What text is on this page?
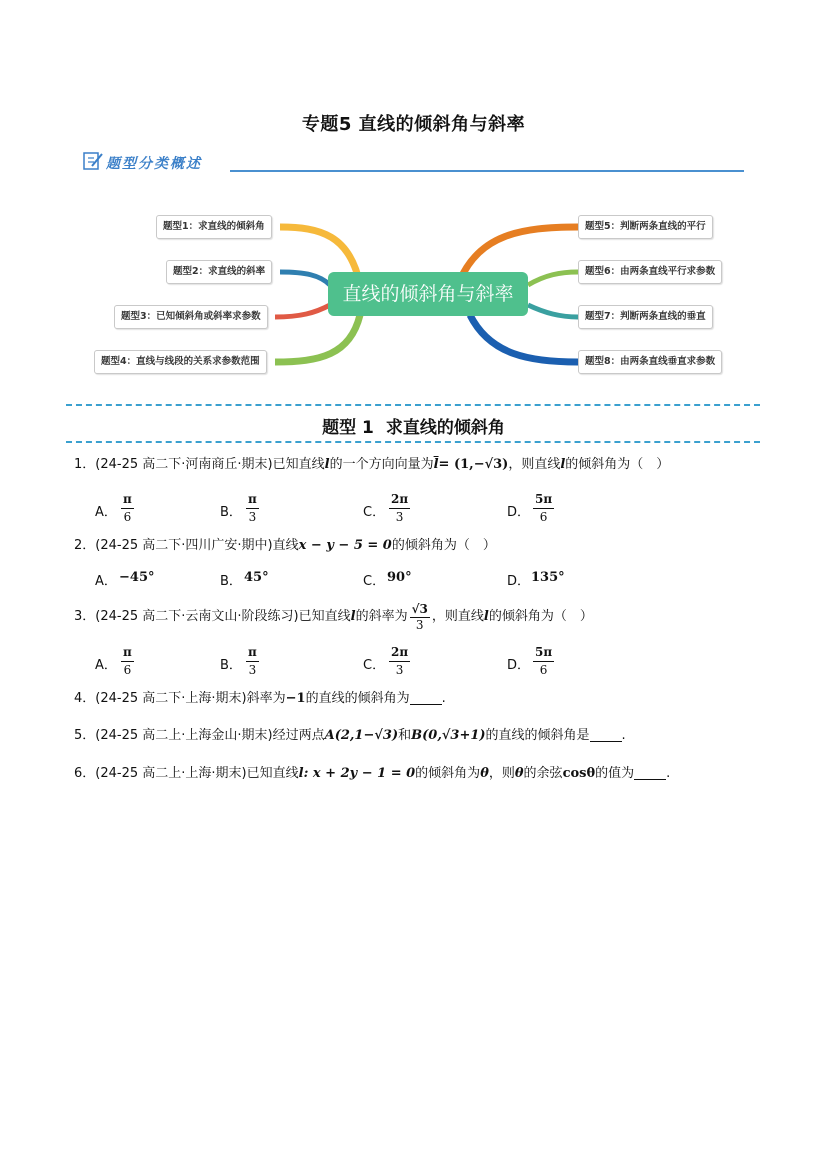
专题5 直线的倾斜角与斜率
题型分类概述
直线的倾斜角与斜率
题型1：求直线的倾斜角
题型2：求直线的斜率
题型3：已知倾斜角或斜率求参数
题型4：直线与线段的关系求参数范围
题型5：判断两条直线的平行
题型6：由两条直线平行求参数
题型7：判断两条直线的垂直
题型8：由两条直线垂直求参数
题型 1 求直线的倾斜角
1．(24-25 高二下·河南商丘·期末)已知直线l的一个方向向量为$\overline{l}= (1,-√3)$，则直线l的倾斜角为（　）
A． $\frac{\pi}{6}$	B． $\frac{\pi}{3}$	C． $\frac{2\pi}{3}$	D． $\frac{5\pi}{6}$
2．(24-25 高二下·四川广安·期中)直线x − y − 5 = 0的倾斜角为（　）
A． −45°	B． 45°	C． 90°	D． 135°
3．(24-25 高二下·云南文山·阶段练习)已知直线l的斜率为 $\frac{√3}{3}$ ，则直线l的倾斜角为（　）
A． $\frac{\pi}{6}$	B． $\frac{\pi}{3}$	C． $\frac{2\pi}{3}$	D． $\frac{5\pi}{6}$
4．(24-25 高二下·上海·期末)斜率为−1的直线的倾斜角为 .
5．(24-25 高二上·上海金山·期末)经过两点A(2,1−√3)和B(0,√3+1)的直线的倾斜角是 .
6．(24-25 高二上·上海·期末)已知直线l: x + 2y − 1 = 0的倾斜角为θ，则θ的余弦cosθ的值为 .
